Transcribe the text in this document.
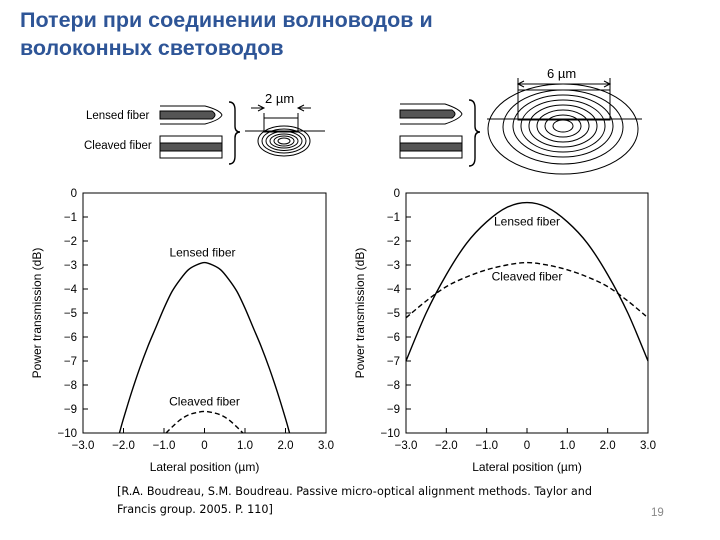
Потери при соединении волноводов и
волоконных световодов
Lensed fiber
Cleaved fiber
2 µm
6 µm
0
−1
−2
−3
−4
−5
−6
−7
−8
−9
−10
−3.0 −2.0 −1.0 0	1.0 2.0 3.0
Lateral position (µm)
Power transmission (dB)	Lensed fiber
Cleaved fiber
0
−1
−2
−3
−4
−5
−6
−7
−8
−9
−10
−3.0 −2.0 −1.0 0	1.0 2.0 3.0
Lateral position (µm)
Power transmission (dB)
Lensed fiber
Cleaved fiber
[R.A. Boudreau, S.M. Boudreau. Passive micro-optical alignment methods. Taylor and
Francis group. 2005. P. 110]	19
